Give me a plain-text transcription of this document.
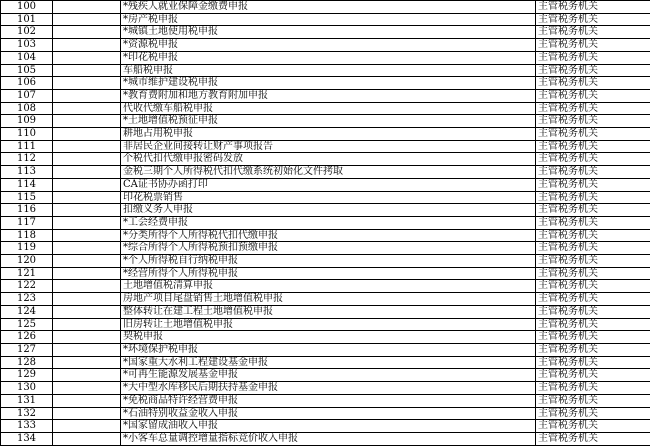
100		*残疾人就业保障金缴费申报	主管税务机关
101		*房产税申报	主管税务机关
102		*城镇土地使用税申报	主管税务机关
103		*资源税申报	主管税务机关
104		*印花税申报	主管税务机关
105		车船税申报	主管税务机关
106		*城市维护建设税申报	主管税务机关
107		*教育费附加和地方教育附加申报	主管税务机关
108		代收代缴车船税申报	主管税务机关
109		*土地增值税预征申报	主管税务机关
110		耕地占用税申报	主管税务机关
111		非居民企业间接转让财产事项报告	主管税务机关
112		个税代扣代缴申报密码发放	主管税务机关
113		金税三期个人所得税代扣代缴系统初始化文件拷取	主管税务机关
114		CA证书协办函打印	主管税务机关
115		印花税票销售	主管税务机关
116		扣缴义务人申报	主管税务机关
117		*工会经费申报	主管税务机关
118		*分类所得个人所得税代扣代缴申报	主管税务机关
119		*综合所得个人所得税预扣预缴申报	主管税务机关
120		*个人所得税自行纳税申报	主管税务机关
121		*经营所得个人所得税申报	主管税务机关
122		土地增值税清算申报	主管税务机关
123		房地产项目尾盘销售土地增值税申报	主管税务机关
124		整体转让在建工程土地增值税申报	主管税务机关
125		旧房转让土地增值税申报	主管税务机关
126		契税申报	主管税务机关
127		*环境保护税申报	主管税务机关
128		*国家重大水利工程建设基金申报	主管税务机关
129		*可再生能源发展基金申报	主管税务机关
130		*大中型水库移民后期扶持基金申报	主管税务机关
131		*免税商品特许经营费申报	主管税务机关
132		*石油特别收益金收入申报	主管税务机关
133		*国家留成油收入申报	主管税务机关
134		*小客车总量调控增量指标竞价收入申报	主管税务机关
